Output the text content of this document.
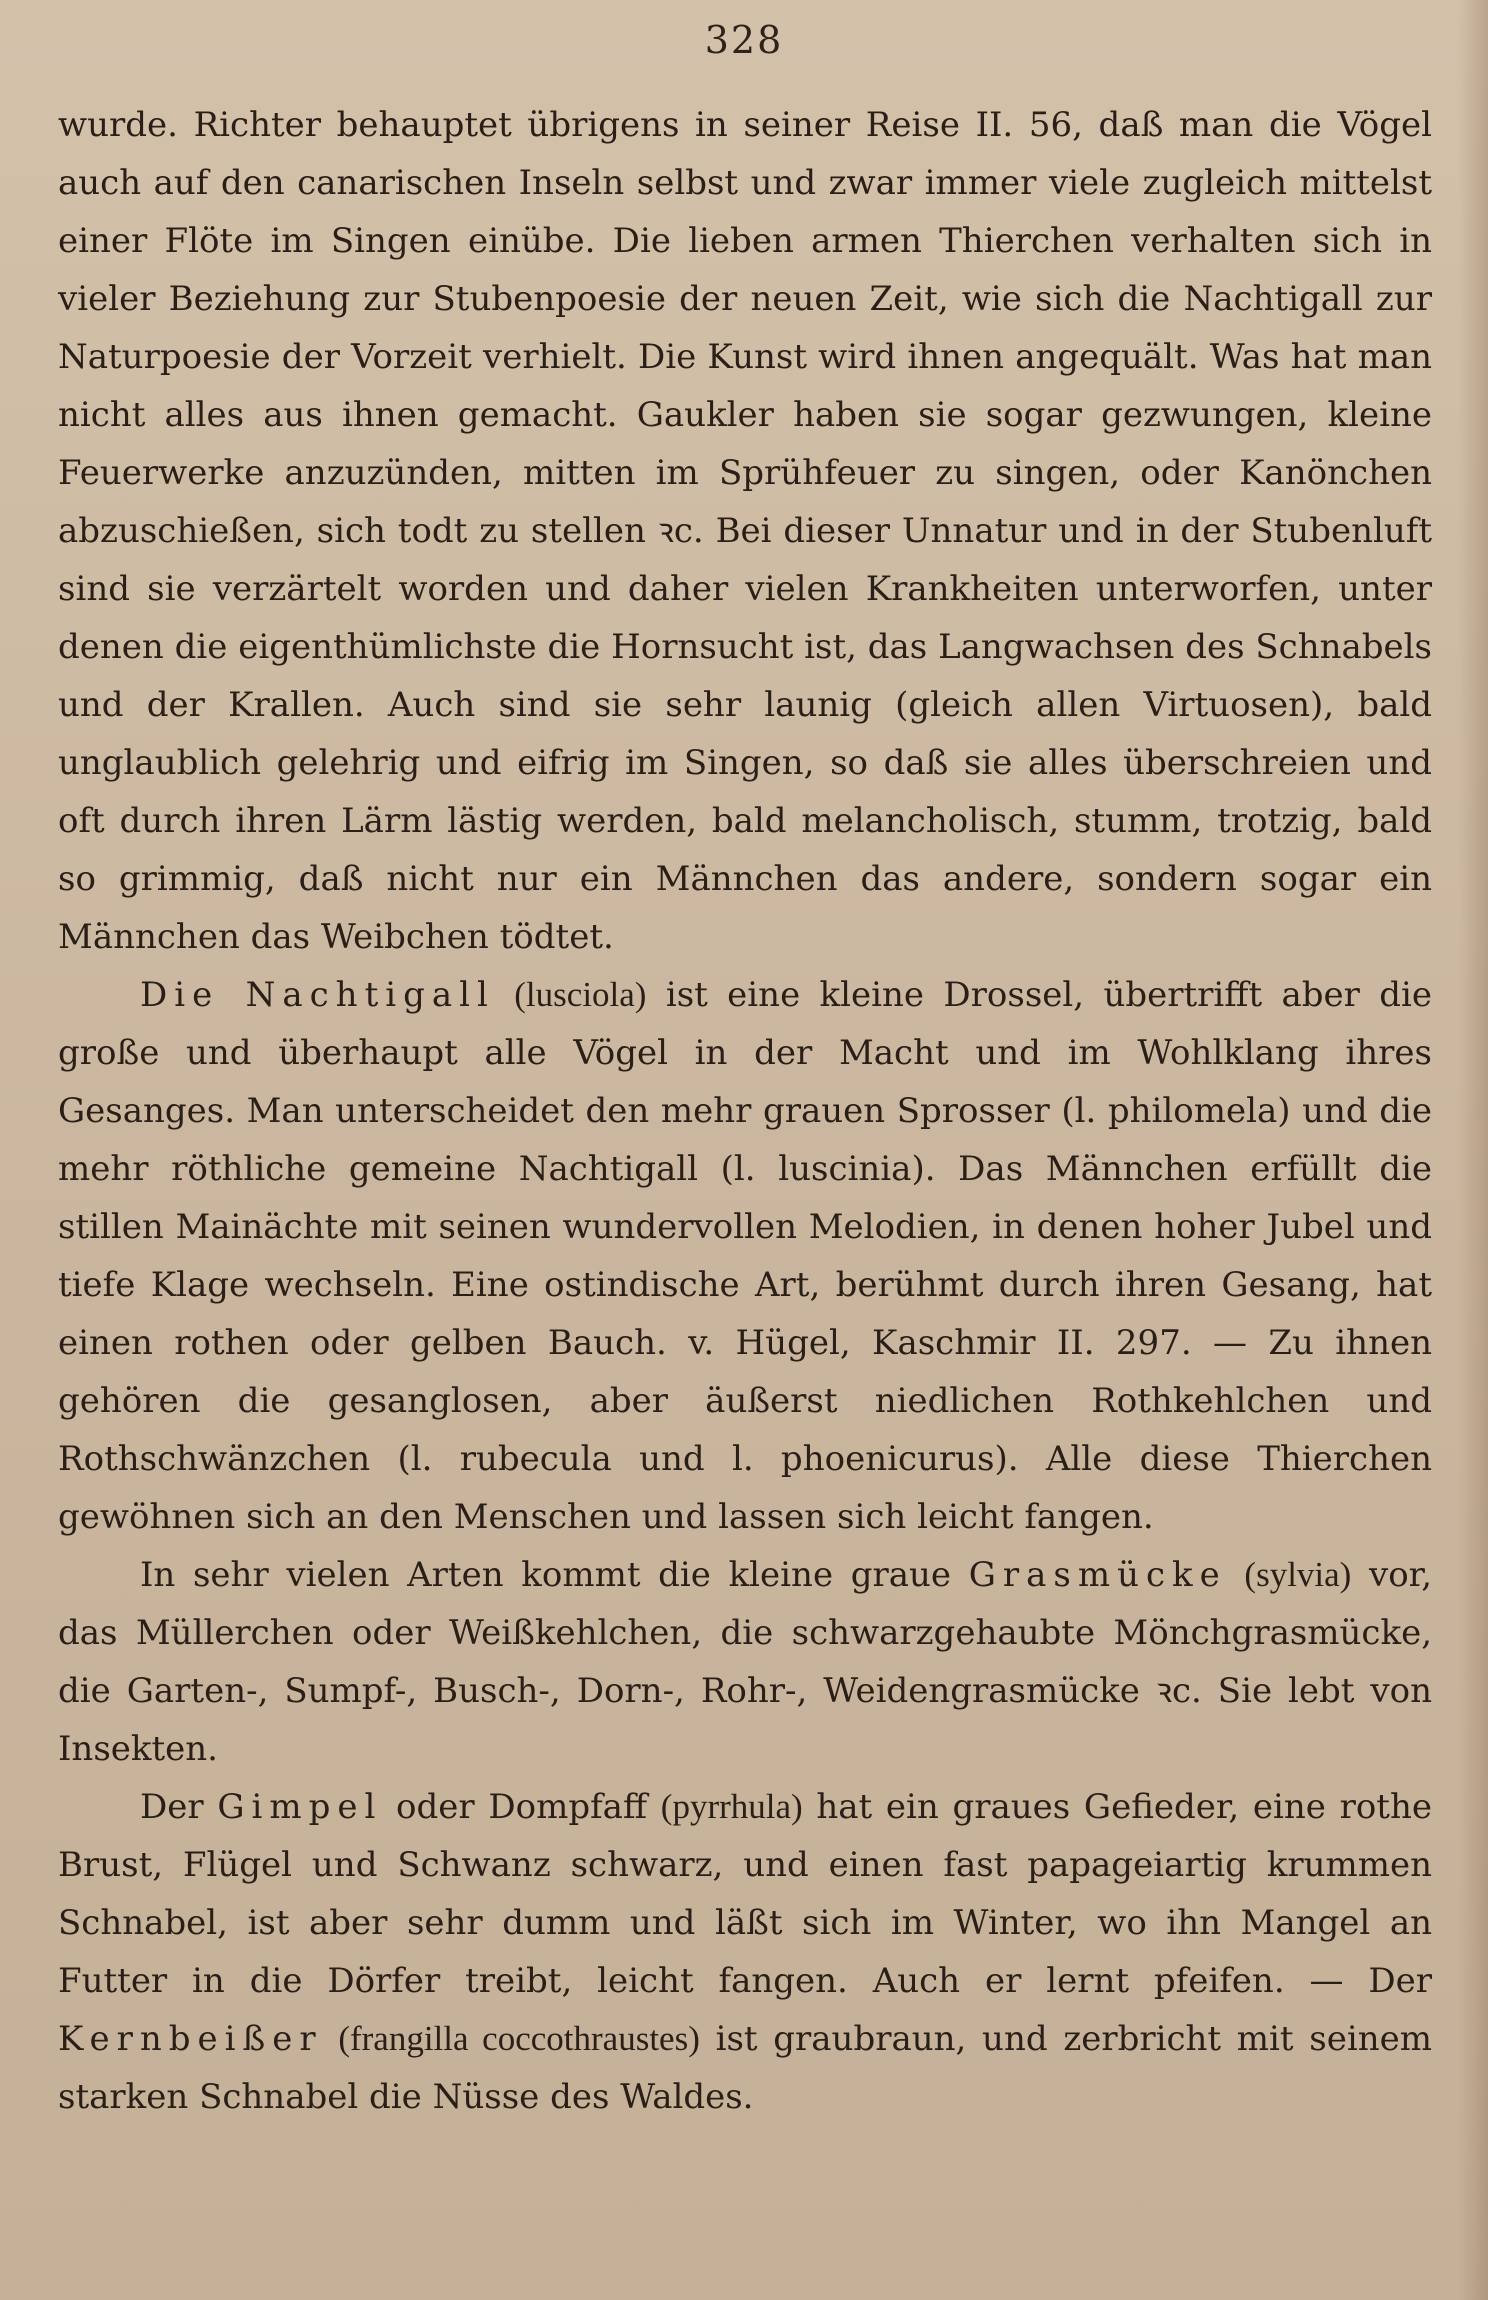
328

wurde. Richter behauptet übrigens in seiner Reise II. 56, daß man die Vögel auch auf den canarischen Inseln selbst und zwar immer viele zugleich mittelst einer Flöte im Singen einübe. Die lieben armen Thierchen verhalten sich in vieler Beziehung zur Stubenpoesie der neuen Zeit, wie sich die Nachtigall zur Naturpoesie der Vorzeit verhielt. Die Kunst wird ihnen angequält. Was hat man nicht alles aus ihnen gemacht. Gaukler haben sie sogar gezwungen, kleine Feuerwerke anzuzünden, mitten im Sprühfeuer zu singen, oder Kanönchen abzuschießen, sich todt zu stellen ꝛc. Bei dieser Unnatur und in der Stubenluft sind sie verzärtelt worden und daher vielen Krankheiten unterworfen, unter denen die eigenthümlichste die Hornsucht ist, das Langwachsen des Schnabels und der Krallen. Auch sind sie sehr launig (gleich allen Virtuosen), bald unglaublich gelehrig und eifrig im Singen, so daß sie alles überschreien und oft durch ihren Lärm lästig werden, bald melancholisch, stumm, trotzig, bald so grimmig, daß nicht nur ein Männchen das andere, sondern sogar ein Männchen das Weibchen tödtet.

Die Nachtigall (lusciola) ist eine kleine Drossel, übertrifft aber die große und überhaupt alle Vögel in der Macht und im Wohlklang ihres Gesanges. Man unterscheidet den mehr grauen Sprosser (l. philomela) und die mehr röthliche gemeine Nachtigall (l. luscinia). Das Männchen erfüllt die stillen Mainächte mit seinen wundervollen Melodien, in denen hoher Jubel und tiefe Klage wechseln. Eine ostindische Art, berühmt durch ihren Gesang, hat einen rothen oder gelben Bauch. v. Hügel, Kaschmir II. 297. — Zu ihnen gehören die gesanglosen, aber äußerst niedlichen Rothkehlchen und Rothschwänzchen (l. rubecula und l. phoenicurus). Alle diese Thierchen gewöhnen sich an den Menschen und lassen sich leicht fangen.

In sehr vielen Arten kommt die kleine graue Grasmücke (sylvia) vor, das Müllerchen oder Weißkehlchen, die schwarzgehaubte Mönchgrasmücke, die Garten-, Sumpf-, Busch-, Dorn-, Rohr-, Weidengrasmücke ꝛc. Sie lebt von Insekten.

Der Gimpel oder Dompfaff (pyrrhula) hat ein graues Gefieder, eine rothe Brust, Flügel und Schwanz schwarz, und einen fast papageiartig krummen Schnabel, ist aber sehr dumm und läßt sich im Winter, wo ihn Mangel an Futter in die Dörfer treibt, leicht fangen. Auch er lernt pfeifen. — Der Kernbeißer (frangilla coccothraustes) ist graubraun, und zerbricht mit seinem starken Schnabel die Nüsse des Waldes.
